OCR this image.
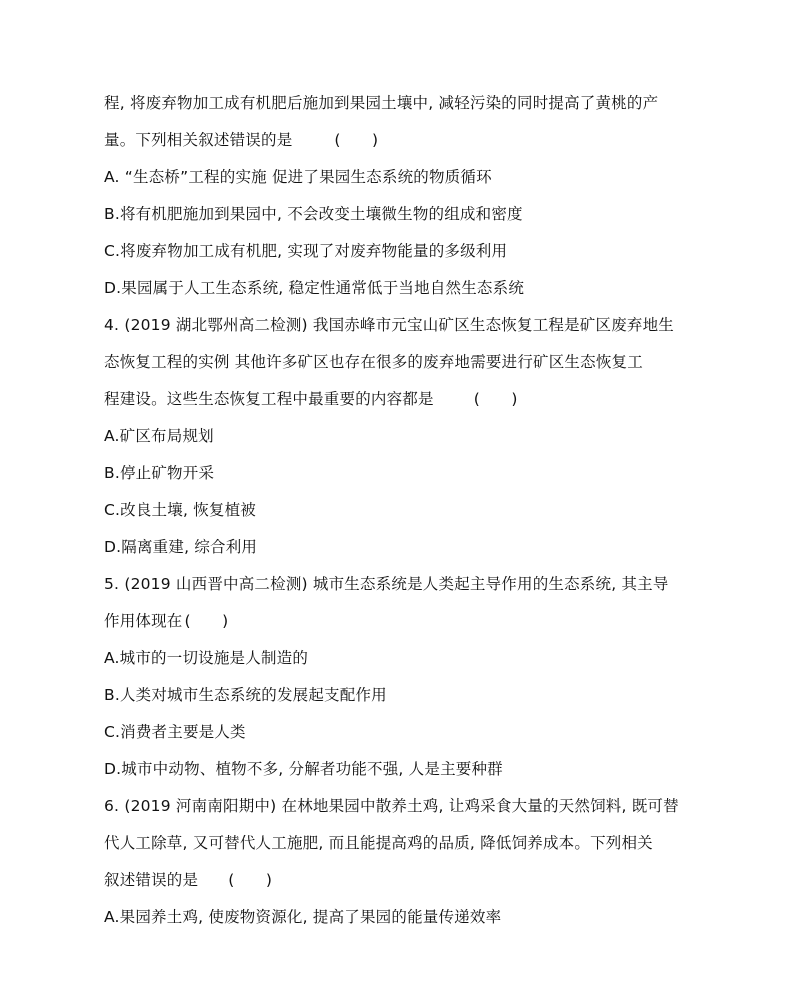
程, 将废弃物加工成有机肥后施加到果园土壤中, 减轻污染的同时提高了黄桃的产
量。下列相关叙述错误的是	(　　)
A. “生态桥”工程的实施 促进了果园生态系统的物质循环
B.将有机肥施加到果园中, 不会改变土壤微生物的组成和密度
C.将废弃物加工成有机肥, 实现了对废弃物能量的多级利用
D.果园属于人工生态系统, 稳定性通常低于当地自然生态系统
4. (2019 湖北鄂州高二检测) 我国赤峰市元宝山矿区生态恢复工程是矿区废弃地生
态恢复工程的实例 其他许多矿区也存在很多的废弃地需要进行矿区生态恢复工
程建设。这些生态恢复工程中最重要的内容都是	(　　)
A.矿区布局规划
B.停止矿物开采
C.改良土壤, 恢复植被
D.隔离重建, 综合利用
5. (2019 山西晋中高二检测) 城市生态系统是人类起主导作用的生态系统, 其主导
作用体现在 (　　)
A.城市的一切设施是人制造的
B.人类对城市生态系统的发展起支配作用
C.消费者主要是人类
D.城市中动物、植物不多, 分解者功能不强, 人是主要种群
6. (2019 河南南阳期中) 在林地果园中散养土鸡, 让鸡采食大量的天然饲料, 既可替
代人工除草, 又可替代人工施肥, 而且能提高鸡的品质, 降低饲养成本。下列相关
叙述错误的是 (　　)
A.果园养土鸡, 使废物资源化, 提高了果园的能量传递效率
